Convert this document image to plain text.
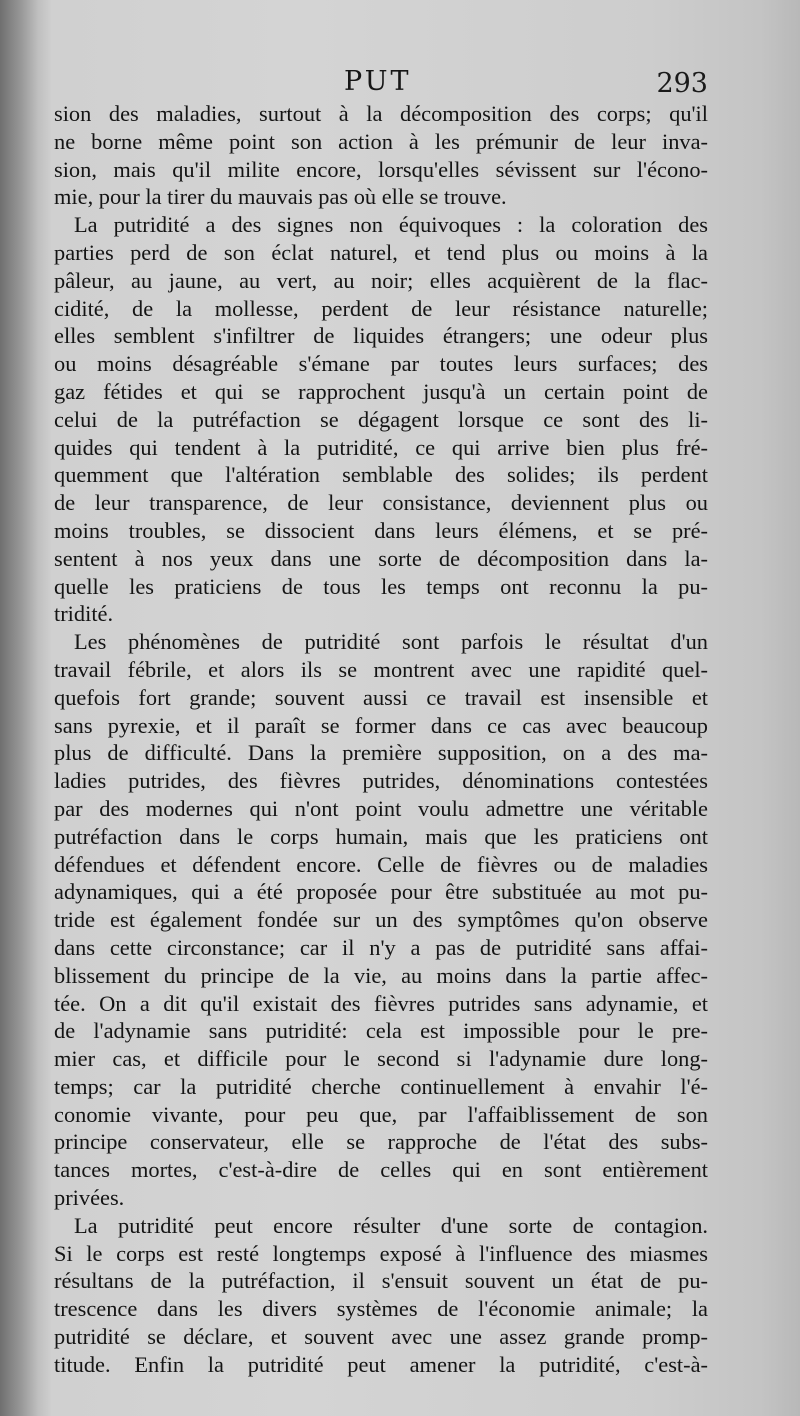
PUT	293
sion des maladies, surtout à la décomposition des corps; qu'il
ne borne même point son action à les prémunir de leur inva-
sion, mais qu'il milite encore, lorsqu'elles sévissent sur l'écono-
mie, pour la tirer du mauvais pas où elle se trouve.
La putridité a des signes non équivoques : la coloration des
parties perd de son éclat naturel, et tend plus ou moins à la
pâleur, au jaune, au vert, au noir; elles acquièrent de la flac-
cidité, de la mollesse, perdent de leur résistance naturelle;
elles semblent s'infiltrer de liquides étrangers; une odeur plus
ou moins désagréable s'émane par toutes leurs surfaces; des
gaz fétides et qui se rapprochent jusqu'à un certain point de
celui de la putréfaction se dégagent lorsque ce sont des li-
quides qui tendent à la putridité, ce qui arrive bien plus fré-
quemment que l'altération semblable des solides; ils perdent
de leur transparence, de leur consistance, deviennent plus ou
moins troubles, se dissocient dans leurs élémens, et se pré-
sentent à nos yeux dans une sorte de décomposition dans la-
quelle les praticiens de tous les temps ont reconnu la pu-
tridité.
Les phénomènes de putridité sont parfois le résultat d'un
travail fébrile, et alors ils se montrent avec une rapidité quel-
quefois fort grande; souvent aussi ce travail est insensible et
sans pyrexie, et il paraît se former dans ce cas avec beaucoup
plus de difficulté. Dans la première supposition, on a des ma-
ladies putrides, des fièvres putrides, dénominations contestées
par des modernes qui n'ont point voulu admettre une véritable
putréfaction dans le corps humain, mais que les praticiens ont
défendues et défendent encore. Celle de fièvres ou de maladies
adynamiques, qui a été proposée pour être substituée au mot pu-
tride est également fondée sur un des symptômes qu'on observe
dans cette circonstance; car il n'y a pas de putridité sans affai-
blissement du principe de la vie, au moins dans la partie affec-
tée. On a dit qu'il existait des fièvres putrides sans adynamie, et
de l'adynamie sans putridité: cela est impossible pour le pre-
mier cas, et difficile pour le second si l'adynamie dure long-
temps; car la putridité cherche continuellement à envahir l'é-
conomie vivante, pour peu que, par l'affaiblissement de son
principe conservateur, elle se rapproche de l'état des subs-
tances mortes, c'est-à-dire de celles qui en sont entièrement
privées.
La putridité peut encore résulter d'une sorte de contagion.
Si le corps est resté longtemps exposé à l'influence des miasmes
résultans de la putréfaction, il s'ensuit souvent un état de pu-
trescence dans les divers systèmes de l'économie animale; la
putridité se déclare, et souvent avec une assez grande promp-
titude. Enfin la putridité peut amener la putridité, c'est-à-
